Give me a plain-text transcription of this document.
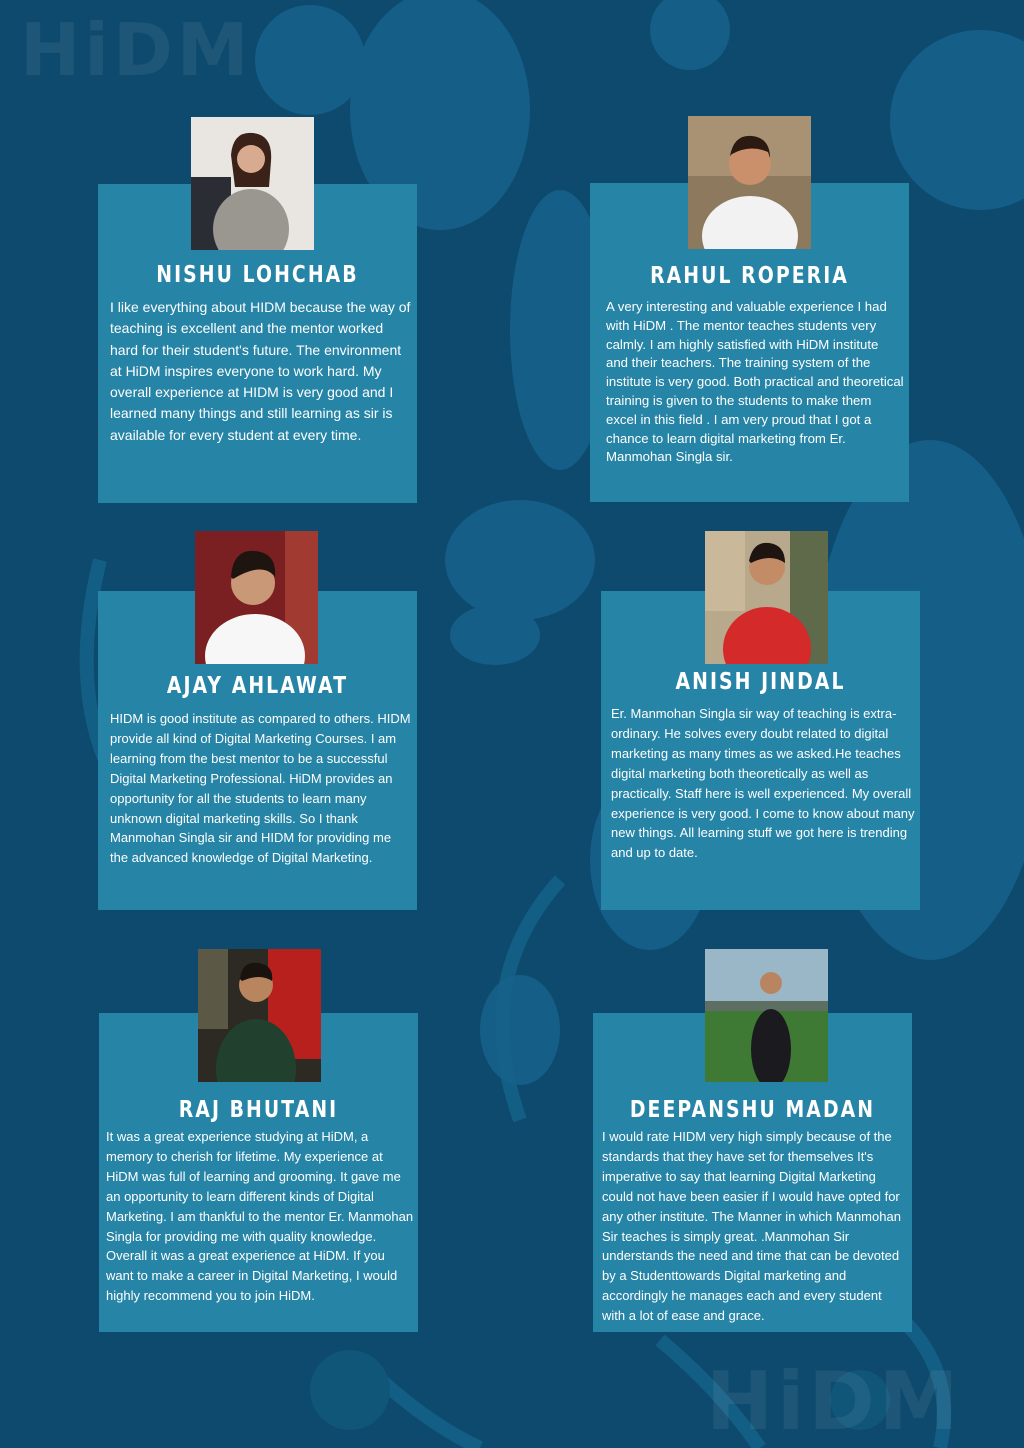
HiDM
HiDM
NISHU LOHCHAB

I like everything about HIDM because the way of teaching is excellent and the mentor worked hard for their student's future. The environment at HiDM inspires everyone to work hard. My overall experience at HIDM is very good and I learned many things and still learning as sir is available for every student at every time.

RAHUL ROPERIA

A very interesting and valuable experience I had with HiDM . The mentor teaches students very calmly. I am highly satisfied with HiDM institute and their teachers. The training system of the institute is very good. Both practical and theoretical training is given to the students to make them excel in this field . I am very proud that I got a chance to learn digital marketing from Er. Manmohan Singla sir.

AJAY AHLAWAT

HIDM is good institute as compared to others. HIDM provide all kind of Digital Marketing Courses. I am learning from the best mentor to be a successful Digital Marketing Professional. HiDM provides an opportunity for all the students to learn many unknown digital marketing skills. So I thank Manmohan Singla sir and HIDM for providing me the advanced knowledge of Digital Marketing.

ANISH JINDAL

Er. Manmohan Singla sir way of teaching is extra-ordinary. He solves every doubt related to digital marketing as many times as we asked.He teaches digital marketing both theoretically as well as practically. Staff here is well experienced. My overall experience is very good. I come to know about many new things. All learning stuff we got here is trending and up to date.

RAJ BHUTANI

It was a great experience studying at HiDM, a memory to cherish for lifetime. My experience at HiDM was full of learning and grooming. It gave me an opportunity to learn different kinds of Digital Marketing. I am thankful to the mentor Er. Manmohan Singla for providing me with quality knowledge. Overall it was a great experience at HiDM. If you want to make a career in Digital Marketing, I would highly recommend you to join HiDM.

DEEPANSHU MADAN

I would rate HIDM very high simply because of the standards that they have set for themselves It's imperative to say that learning Digital Marketing could not have been easier if I would have opted for any other institute. The Manner in which Manmohan Sir teaches is simply great. .Manmohan Sir understands the need and time that can be devoted by a Studenttowards Digital marketing and accordingly he manages each and every student with a lot of ease and grace.
